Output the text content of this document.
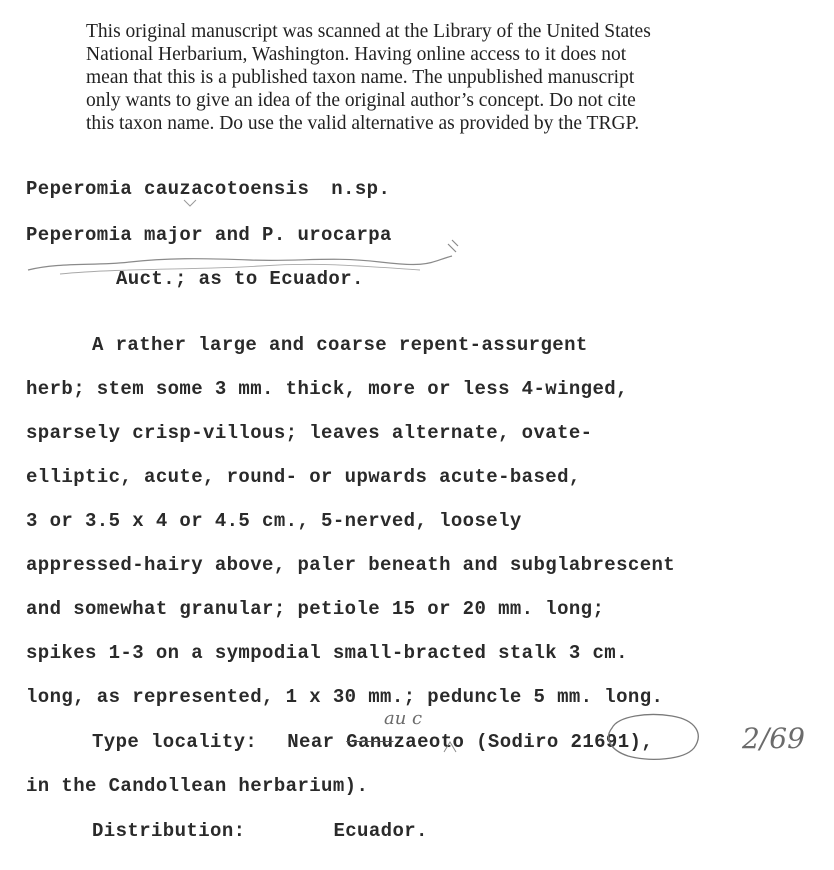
This original manuscript was scanned at the Library of the United States
National Herbarium, Washington. Having online access to it does not
mean that this is a published taxon name. The unpublished manuscript
only wants to give an idea of the original author’s concept. Do not cite
this taxon name. Do use the valid alternative as provided by the TRGP.
Peperomia cauzacotoensis n.sp.
Peperomia major and P. urocarpa
Auct.; as to Ecuador.
A rather large and coarse repent-assurgent
herb; stem some 3 mm. thick, more or less 4-winged,
sparsely crisp-villous; leaves alternate, ovate-
elliptic, acute, round- or upwards acute-based,
3 or 3.5 x 4 or 4.5 cm., 5-nerved, loosely
appressed-hairy above, paler beneath and subglabrescent
and somewhat granular; petiole 15 or 20 mm. long;
spikes 1-3 on a sympodial small-bracted stalk 3 cm.
long, as represented, 1 x 30 mm.; peduncle 5 mm. long.
Type locality: Near Ganuzaeoto (Sodiro 21691),
in the Candollean herbarium).
Distribution:	Ecuador.
au c
2/69
